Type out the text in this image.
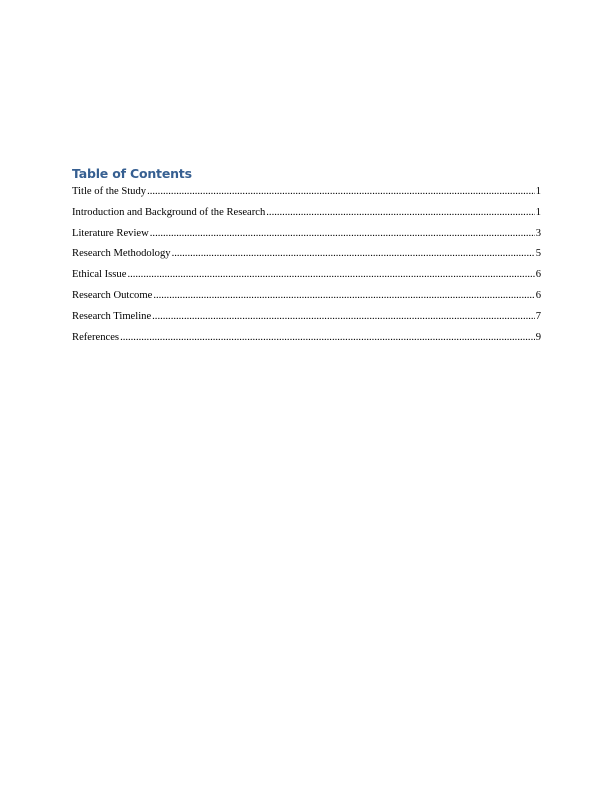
Table of Contents
Title of the Study .....	1
Introduction and Background of the Research .....	1
Literature Review .....	3
Research Methodology .....	5
Ethical Issue .....	6
Research Outcome .....	6
Research Timeline .....	7
References .....	9
